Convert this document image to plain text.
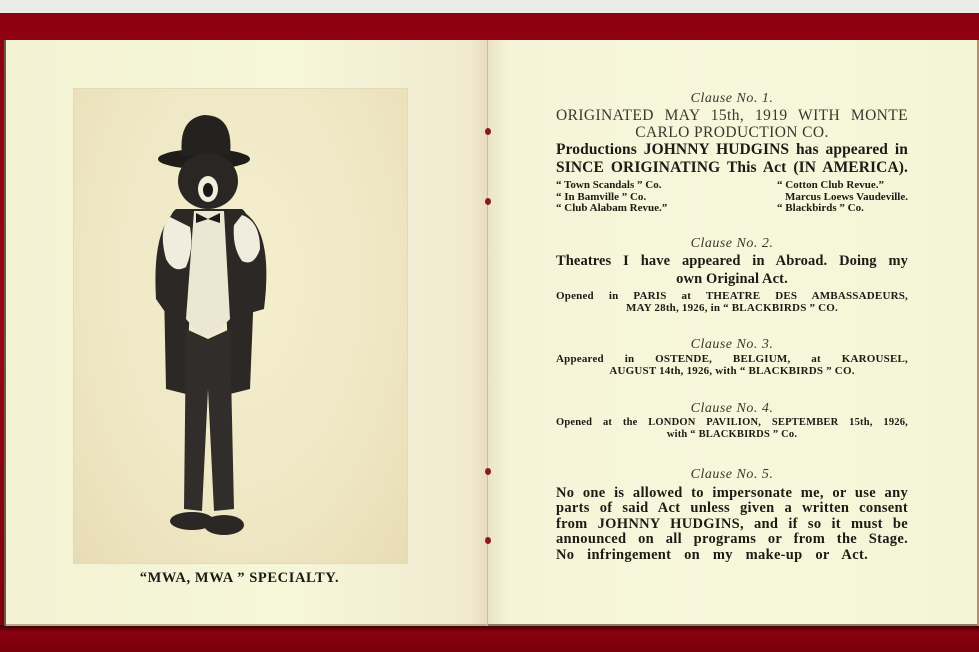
“MWA, MWA ” SPECIALTY.
Clause No. 1.
ORIGINATED MAY 15th, 1919 WITH MONTE
CARLO PRODUCTION CO.
Productions JOHNNY HUDGINS has appeared in
SINCE ORIGINATING This Act (IN AMERICA).
“ Town Scandals ” Co.
“ In Bamville ” Co.
“ Club Alabam Revue.”
“ Cotton Club Revue.”
Marcus Loews Vaudeville.
“ Blackbirds ” Co.
Clause No. 2.
Theatres I have appeared in Abroad. Doing my
own Original Act.
Opened in PARIS at THEATRE DES AMBASSADEURS,
MAY 28th, 1926, in “ BLACKBIRDS ” CO.
Clause No. 3.
Appeared in OSTENDE, BELGIUM, at KAROUSEL,
AUGUST 14th, 1926, with “ BLACKBIRDS ” CO.
Clause No. 4.
Opened at the LONDON PAVILION, SEPTEMBER 15th, 1926,
with “ BLACKBIRDS ” Co.
Clause No. 5.
No one is allowed to impersonate me, or use any
parts of said Act unless given a written consent
from JOHNNY HUDGINS, and if so it must be
announced on all programs or from the Stage.
No infringement on my make-up or Act.
